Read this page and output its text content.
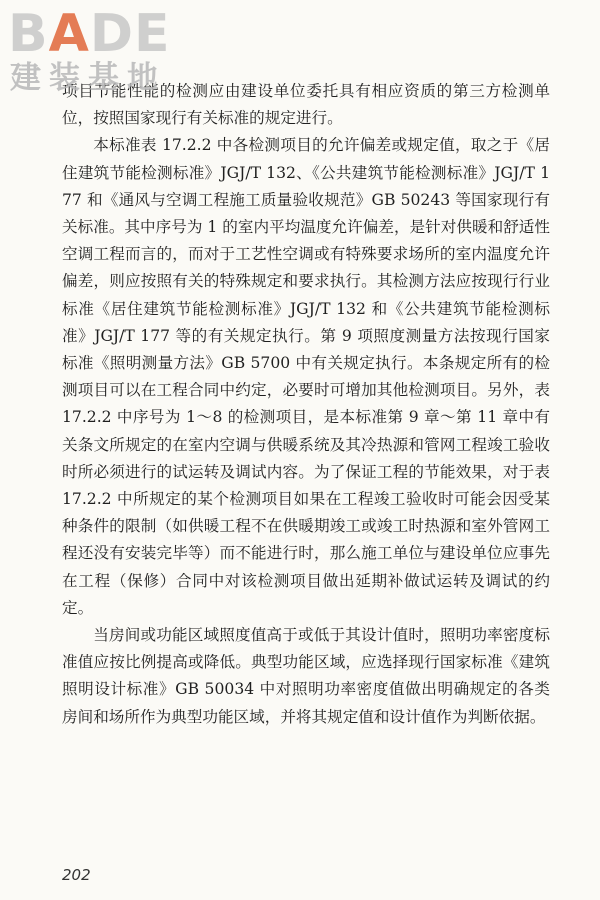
BADE
建装基地

项目节能性能的检测应由建设单位委托具有相应资质的第三方检测单位，按照国家现行有关标准的规定进行。

本标准表 17.2.2 中各检测项目的允许偏差或规定值，取之于《居住建筑节能检测标准》JGJ/T 132、《公共建筑节能检测标准》JGJ/T 177 和《通风与空调工程施工质量验收规范》GB 50243 等国家现行有关标准。其中序号为 1 的室内平均温度允许偏差，是针对供暖和舒适性空调工程而言的，而对于工艺性空调或有特殊要求场所的室内温度允许偏差，则应按照有关的特殊规定和要求执行。其检测方法应按现行行业标准《居住建筑节能检测标准》JGJ/T 132 和《公共建筑节能检测标准》JGJ/T 177 等的有关规定执行。第 9 项照度测量方法按现行国家标准《照明测量方法》GB 5700 中有关规定执行。本条规定所有的检测项目可以在工程合同中约定，必要时可增加其他检测项目。另外，表 17.2.2 中序号为 1～8 的检测项目，是本标准第 9 章～第 11 章中有关条文所规定的在室内空调与供暖系统及其冷热源和管网工程竣工验收时所必须进行的试运转及调试内容。为了保证工程的节能效果，对于表 17.2.2 中所规定的某个检测项目如果在工程竣工验收时可能会因受某种条件的限制（如供暖工程不在供暖期竣工或竣工时热源和室外管网工程还没有安装完毕等）而不能进行时，那么施工单位与建设单位应事先在工程（保修）合同中对该检测项目做出延期补做试运转及调试的约定。

当房间或功能区域照度值高于或低于其设计值时，照明功率密度标准值应按比例提高或降低。典型功能区域，应选择现行国家标准《建筑照明设计标准》GB 50034 中对照明功率密度值做出明确规定的各类房间和场所作为典型功能区域，并将其规定值和设计值作为判断依据。

202
